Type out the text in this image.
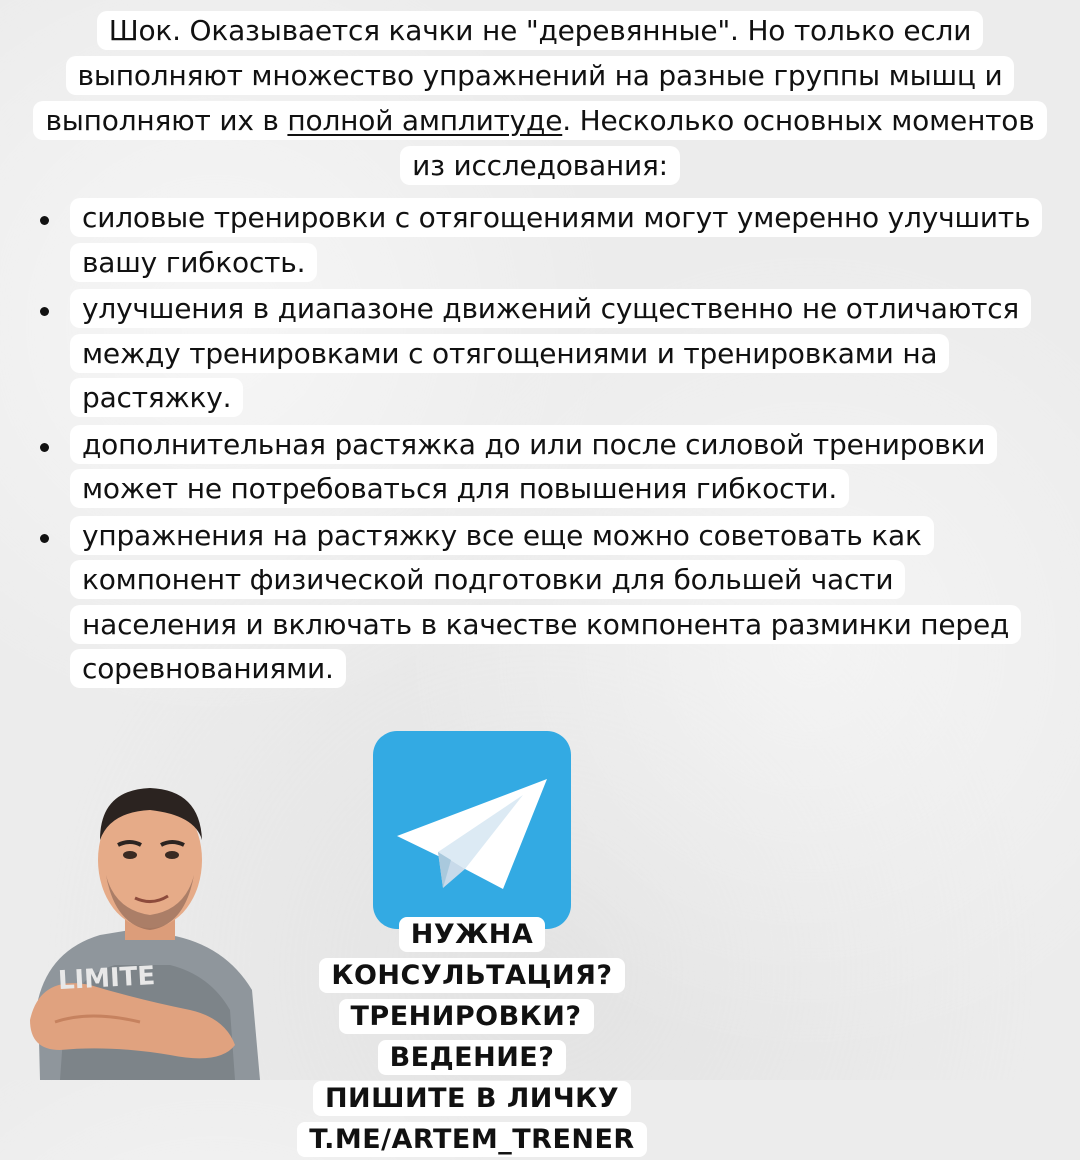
Шок. Оказывается качки не "деревянные". Но только если выполняют множество упражнений на разные группы мышц и выполняют их в полной амплитуде. Несколько основных моментов из исследования:

силовые тренировки с отягощениями могут умеренно улучшить вашу гибкость.
улучшения в диапазоне движений существенно не отличаются между тренировками с отягощениями и тренировками на растяжку.
дополнительная растяжка до или после силовой тренировки может не потребоваться для повышения гибкости.
упражнения на растяжку все еще можно советовать как компонент физической подготовки для большей части населения и включать в качестве компонента разминки перед соревнованиями.
LIMITE
НУЖНА КОНСУЛЬТАЦИЯ?
ТРЕНИРОВКИ? ВЕДЕНИЕ?
ПИШИТЕ В ЛИЧКУ
T.ME/ARTEM_TRENER
